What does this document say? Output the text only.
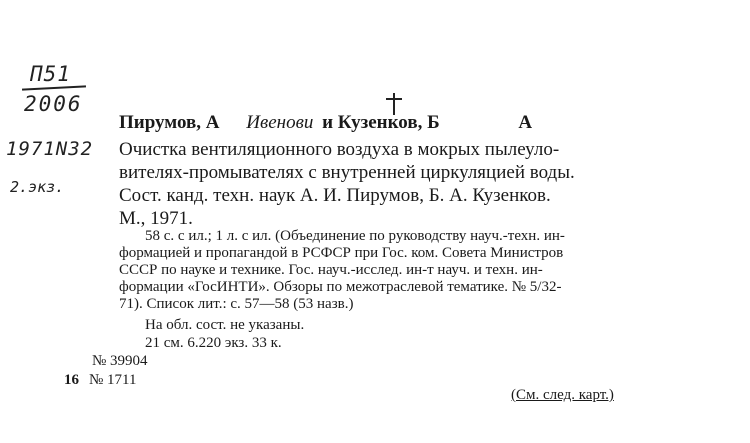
П51
2006
1971N32
2.экз.
Пирумов, А Ивенови и Кузенков, Б	А
Очистка вентиляционного воздуха в мокрых пылеуло-
вителях-промывателях с внутренней циркуляцией воды.
Сост. канд. техн. наук А. И. Пирумов, Б. А. Кузенков.
М., 1971.
58 с. с ил.; 1 л. с ил. (Объединение по руководству науч.-техн. ин-
формацией и пропагандой в РСФСР при Гос. ком. Совета Министров
СССР по науке и технике. Гос. науч.-исслед. ин-т науч. и техн. ин-
формации «ГосИНТИ». Обзоры по межотраслевой тематике. № 5/32-
71). Список лит.: с. 57—58 (53 назв.)
На обл. сост. не указаны.
21 см. 6.220 экз. 33 к.
№ 39904
16 № 1711
(См. след. карт.)
